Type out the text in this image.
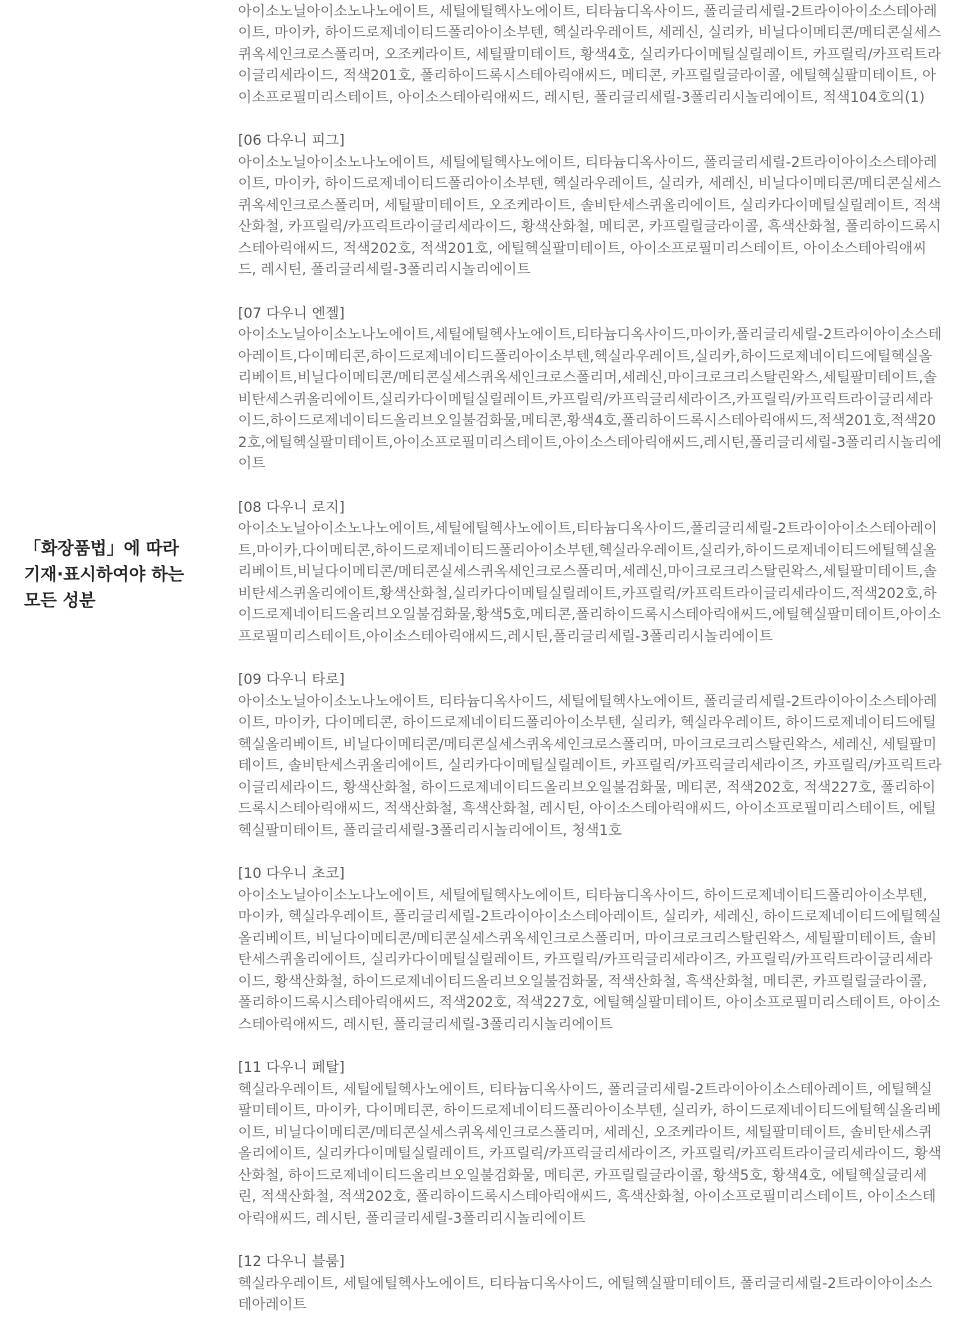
「화장품법」에 따라
기재·표시하여야 하는
모든 성분

아이소노닐아이소노나노에이트, 세틸에틸헥사노에이트, 티타늄디옥사이드, 폴리글리세릴-2트라이아이소스테아레이트, 마이카, 하이드로제네이티드폴리아이소부텐, 헥실라우레이트, 세레신, 실리카, 비닐다이메티콘/메티콘실세스퀴옥세인크로스폴리머, 오조케라이트, 세틸팔미테이트, 황색4호, 실리카다이메틸실릴레이트, 카프릴릭/카프릭트라이글리세라이드, 적색201호, 폴리하이드록시스테아릭애씨드, 메티콘, 카프릴릴글라이콜, 에틸헥실팔미테이트, 아이소프로필미리스테이트, 아이소스테아릭애씨드, 레시틴, 폴리글리세릴-3폴리리시놀리에이트, 적색104호의(1)

[06 다우니 피그]

아이소노닐아이소노나노에이트, 세틸에틸헥사노에이트, 티타늄디옥사이드, 폴리글리세릴-2트라이아이소스테아레이트, 마이카, 하이드로제네이티드폴리아이소부텐, 헥실라우레이트, 실리카, 세레신, 비닐다이메티콘/메티콘실세스퀴옥세인크로스폴리머, 세틸팔미테이트, 오조케라이트, 솔비탄세스퀴올리에이트, 실리카다이메틸실릴레이트, 적색산화철, 카프릴릭/카프릭트라이글리세라이드, 황색산화철, 메티콘, 카프릴릴글라이콜, 흑색산화철, 폴리하이드록시스테아릭애씨드, 적색202호, 적색201호, 에틸헥실팔미테이트, 아이소프로필미리스테이트, 아이소스테아릭애씨드, 레시틴, 폴리글리세릴-3폴리리시놀리에이트

[07 다우니 엔젤]

아이소노닐아이소노나노에이트,세틸에틸헥사노에이트,티타늄디옥사이드,마이카,폴리글리세릴-2트라이아이소스테아레이트,다이메티콘,하이드로제네이티드폴리아이소부텐,헥실라우레이트,실리카,하이드로제네이티드에틸헥실올리베이트,비닐다이메티콘/메티콘실세스퀴옥세인크로스폴리머,세레신,마이크로크리스탈린왁스,세틸팔미테이트,솔비탄세스퀴올리에이트,실리카다이메틸실릴레이트,카프릴릭/카프릭글리세라이즈,카프릴릭/카프릭트라이글리세라이드,하이드로제네이티드올리브오일불검화물,메티콘,황색4호,폴리하이드록시스테아릭애씨드,적색201호,적색202호,에틸헥실팔미테이트,아이소프로필미리스테이트,아이소스테아릭애씨드,레시틴,폴리글리세릴-3폴리리시놀리에이트

[08 다우니 로지]

아이소노닐아이소노나노에이트,세틸에틸헥사노에이트,티타늄디옥사이드,폴리글리세릴-2트라이아이소스테아레이트,마이카,다이메티콘,하이드로제네이티드폴리아이소부텐,헥실라우레이트,실리카,하이드로제네이티드에틸헥실올리베이트,비닐다이메티콘/메티콘실세스퀴옥세인크로스폴리머,세레신,마이크로크리스탈린왁스,세틸팔미테이트,솔비탄세스퀴올리에이트,황색산화철,실리카다이메틸실릴레이트,카프릴릭/카프릭트라이글리세라이드,적색202호,하이드로제네이티드올리브오일불검화물,황색5호,메티콘,폴리하이드록시스테아릭애씨드,에틸헥실팔미테이트,아이소프로필미리스테이트,아이소스테아릭애씨드,레시틴,폴리글리세릴-3폴리리시놀리에이트

[09 다우니 타로]

아이소노닐아이소노나노에이트, 티타늄디옥사이드, 세틸에틸헥사노에이트, 폴리글리세릴-2트라이아이소스테아레이트, 마이카, 다이메티콘, 하이드로제네이티드폴리아이소부텐, 실리카, 헥실라우레이트, 하이드로제네이티드에틸헥실올리베이트, 비닐다이메티콘/메티콘실세스퀴옥세인크로스폴리머, 마이크로크리스탈린왁스, 세레신, 세틸팔미테이트, 솔비탄세스퀴올리에이트, 실리카다이메틸실릴레이트, 카프릴릭/카프릭글리세라이즈, 카프릴릭/카프릭트라이글리세라이드, 황색산화철, 하이드로제네이티드올리브오일불검화물, 메티콘, 적색202호, 적색227호, 폴리하이드록시스테아릭애씨드, 적색산화철, 흑색산화철, 레시틴, 아이소스테아릭애씨드, 아이소프로필미리스테이트, 에틸헥실팔미테이트, 폴리글리세릴-3폴리리시놀리에이트, 청색1호

[10 다우니 초코]

아이소노닐아이소노나노에이트, 세틸에틸헥사노에이트, 티타늄디옥사이드, 하이드로제네이티드폴리아이소부텐, 마이카, 헥실라우레이트, 폴리글리세릴-2트라이아이소스테아레이트, 실리카, 세레신, 하이드로제네이티드에틸헥실올리베이트, 비닐다이메티콘/메티콘실세스퀴옥세인크로스폴리머, 마이크로크리스탈린왁스, 세틸팔미테이트, 솔비탄세스퀴올리에이트, 실리카다이메틸실릴레이트, 카프릴릭/카프릭글리세라이즈, 카프릴릭/카프릭트라이글리세라이드, 황색산화철, 하이드로제네이티드올리브오일불검화물, 적색산화철, 흑색산화철, 메티콘, 카프릴릴글라이콜, 폴리하이드록시스테아릭애씨드, 적색202호, 적색227호, 에틸헥실팔미테이트, 아이소프로필미리스테이트, 아이소스테아릭애씨드, 레시틴, 폴리글리세릴-3폴리리시놀리에이트

[11 다우니 페탈]

헥실라우레이트, 세틸에틸헥사노에이트, 티타늄디옥사이드, 폴리글리세릴-2트라이아이소스테아레이트, 에틸헥실팔미테이트, 마이카, 다이메티콘, 하이드로제네이티드폴리아이소부텐, 실리카, 하이드로제네이티드에틸헥실올리베이트, 비닐다이메티콘/메티콘실세스퀴옥세인크로스폴리머, 세레신, 오조케라이트, 세틸팔미테이트, 솔비탄세스퀴올리에이트, 실리카다이메틸실릴레이트, 카프릴릭/카프릭글리세라이즈, 카프릴릭/카프릭트라이글리세라이드, 황색산화철, 하이드로제네이티드올리브오일불검화물, 메티콘, 카프릴릴글라이콜, 황색5호, 황색4호, 에틸헥실글리세린, 적색산화철, 적색202호, 폴리하이드록시스테아릭애씨드, 흑색산화철, 아이소프로필미리스테이트, 아이소스테아릭애씨드, 레시틴, 폴리글리세릴-3폴리리시놀리에이트

[12 다우니 블룸]

헥실라우레이트, 세틸에틸헥사노에이트, 티타늄디옥사이드, 에틸헥실팔미테이트, 폴리글리세릴-2트라이아이소스테아레이트
